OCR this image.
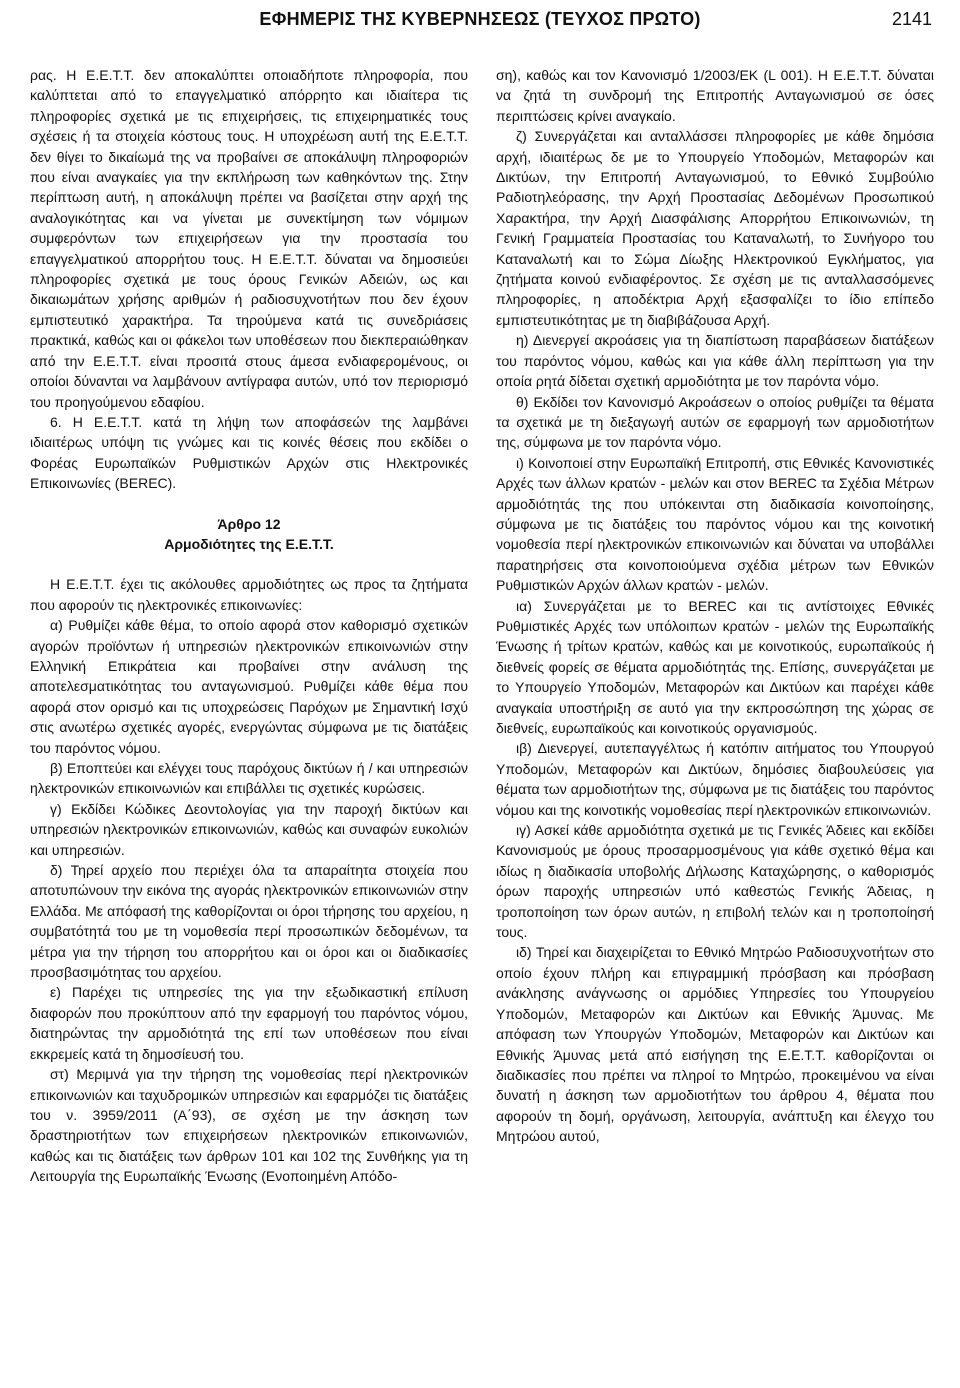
ΕΦΗΜΕΡΙΣ ΤΗΣ ΚΥΒΕΡΝΗΣΕΩΣ (ΤΕΥΧΟΣ ΠΡΩΤΟ)	2141

ρας. Η Ε.Ε.Τ.Τ. δεν αποκαλύπτει οποιαδήποτε πληροφορία, που καλύπτεται από το επαγγελματικό απόρρητο και ιδιαίτερα τις πληροφορίες σχετικά με τις επιχειρήσεις, τις επιχειρηματικές τους σχέσεις ή τα στοιχεία κόστους τους. Η υποχρέωση αυτή της Ε.Ε.Τ.Τ. δεν θίγει το δικαίωμά της να προβαίνει σε αποκάλυψη πληροφοριών που είναι αναγκαίες για την εκπλήρωση των καθηκόντων της. Στην περίπτωση αυτή, η αποκάλυψη πρέπει να βασίζεται στην αρχή της αναλογικότητας και να γίνεται με συνεκτίμηση των νόμιμων συμφερόντων των επιχειρήσεων για την προστασία του επαγγελματικού απορρήτου τους. Η Ε.Ε.Τ.Τ. δύναται να δημοσιεύει πληροφορίες σχετικά με τους όρους Γενικών Αδειών, ως και δικαιωμάτων χρήσης αριθμών ή ραδιοσυχνοτήτων που δεν έχουν εμπιστευτικό χαρακτήρα. Τα τηρούμενα κατά τις συνεδριάσεις πρακτικά, καθώς και οι φάκελοι των υποθέσεων που διεκπεραιώθηκαν από την Ε.Ε.Τ.Τ. είναι προσιτά στους άμεσα ενδιαφερομένους, οι οποίοι δύνανται να λαμβάνουν αντίγραφα αυτών, υπό τον περιορισμό του προηγούμενου εδαφίου.

6. Η Ε.Ε.Τ.Τ. κατά τη λήψη των αποφάσεών της λαμβάνει ιδιαιτέρως υπόψη τις γνώμες και τις κοινές θέσεις που εκδίδει ο Φορέας Ευρωπαϊκών Ρυθμιστικών Αρχών στις Ηλεκτρονικές Επικοινωνίες (BEREC).

Άρθρο 12
Αρμοδιότητες της Ε.Ε.Τ.Τ.

Η Ε.Ε.Τ.Τ. έχει τις ακόλουθες αρμοδιότητες ως προς τα ζητήματα που αφορούν τις ηλεκτρονικές επικοινωνίες:

α) Ρυθμίζει κάθε θέμα, το οποίο αφορά στον καθορισμό σχετικών αγορών προϊόντων ή υπηρεσιών ηλεκτρονικών επικοινωνιών στην Ελληνική Επικράτεια και προβαίνει στην ανάλυση της αποτελεσματικότητας του ανταγωνισμού. Ρυθμίζει κάθε θέμα που αφορά στον ορισμό και τις υποχρεώσεις Παρόχων με Σημαντική Ισχύ στις ανωτέρω σχετικές αγορές, ενεργώντας σύμφωνα με τις διατάξεις του παρόντος νόμου.

β) Εποπτεύει και ελέγχει τους παρόχους δικτύων ή / και υπηρεσιών ηλεκτρονικών επικοινωνιών και επιβάλλει τις σχετικές κυρώσεις.

γ) Εκδίδει Κώδικες Δεοντολογίας για την παροχή δικτύων και υπηρεσιών ηλεκτρονικών επικοινωνιών, καθώς και συναφών ευκολιών και υπηρεσιών.

δ) Τηρεί αρχείο που περιέχει όλα τα απαραίτητα στοιχεία που αποτυπώνουν την εικόνα της αγοράς ηλεκτρονικών επικοινωνιών στην Ελλάδα. Με απόφασή της καθορίζονται οι όροι τήρησης του αρχείου, η συμβατότητά του με τη νομοθεσία περί προσωπικών δεδομένων, τα μέτρα για την τήρηση του απορρήτου και οι όροι και οι διαδικασίες προσβασιμότητας του αρχείου.

ε) Παρέχει τις υπηρεσίες της για την εξωδικαστική επίλυση διαφορών που προκύπτουν από την εφαρμογή του παρόντος νόμου, διατηρώντας την αρμοδιότητά της επί των υποθέσεων που είναι εκκρεμείς κατά τη δημοσίευσή του.

στ) Μεριμνά για την τήρηση της νομοθεσίας περί ηλεκτρονικών επικοινωνιών και ταχυδρομικών υπηρεσιών και εφαρμόζει τις διατάξεις του ν. 3959/2011 (Α΄93), σε σχέση με την άσκηση των δραστηριοτήτων των επιχειρήσεων ηλεκτρονικών επικοινωνιών, καθώς και τις διατάξεις των άρθρων 101 και 102 της Συνθήκης για τη Λειτουργία της Ευρωπαϊκής Ένωσης (Ενοποιημένη Απόδο-

ση), καθώς και τον Κανονισμό 1/2003/ΕΚ (L 001). Η Ε.Ε.Τ.Τ. δύναται να ζητά τη συνδρομή της Επιτροπής Ανταγωνισμού σε όσες περιπτώσεις κρίνει αναγκαίο.

ζ) Συνεργάζεται και ανταλλάσσει πληροφορίες με κάθε δημόσια αρχή, ιδιαιτέρως δε με το Υπουργείο Υποδομών, Μεταφορών και Δικτύων, την Επιτροπή Ανταγωνισμού, το Εθνικό Συμβούλιο Ραδιοτηλεόρασης, την Αρχή Προστασίας Δεδομένων Προσωπικού Χαρακτήρα, την Αρχή Διασφάλισης Απορρήτου Επικοινωνιών, τη Γενική Γραμματεία Προστασίας του Καταναλωτή, το Συνήγορο του Καταναλωτή και το Σώμα Δίωξης Ηλεκτρονικού Εγκλήματος, για ζητήματα κοινού ενδιαφέροντος. Σε σχέση με τις ανταλλασσόμενες πληροφορίες, η αποδέκτρια Αρχή εξασφαλίζει το ίδιο επίπεδο εμπιστευτικότητας με τη διαβιβάζουσα Αρχή.

η) Διενεργεί ακροάσεις για τη διαπίστωση παραβάσεων διατάξεων του παρόντος νόμου, καθώς και για κάθε άλλη περίπτωση για την οποία ρητά δίδεται σχετική αρμοδιότητα με τον παρόντα νόμο.

θ) Εκδίδει τον Κανονισμό Ακροάσεων ο οποίος ρυθμίζει τα θέματα τα σχετικά με τη διεξαγωγή αυτών σε εφαρμογή των αρμοδιοτήτων της, σύμφωνα με τον παρόντα νόμο.

ι) Κοινοποιεί στην Ευρωπαϊκή Επιτροπή, στις Εθνικές Κανονιστικές Αρχές των άλλων κρατών - μελών και στον BEREC τα Σχέδια Μέτρων αρμοδιότητάς της που υπόκεινται στη διαδικασία κοινοποίησης, σύμφωνα με τις διατάξεις του παρόντος νόμου και της κοινοτική νομοθεσία περί ηλεκτρονικών επικοινωνιών και δύναται να υποβάλλει παρατηρήσεις στα κοινοποιούμενα σχέδια μέτρων των Εθνικών Ρυθμιστικών Αρχών άλλων κρατών - μελών.

ια) Συνεργάζεται με το BEREC και τις αντίστοιχες Εθνικές Ρυθμιστικές Αρχές των υπόλοιπων κρατών - μελών της Ευρωπαϊκής Ένωσης ή τρίτων κρατών, καθώς και με κοινοτικούς, ευρωπαϊκούς ή διεθνείς φορείς σε θέματα αρμοδιότητάς της. Επίσης, συνεργάζεται με το Υπουργείο Υποδομών, Μεταφορών και Δικτύων και παρέχει κάθε αναγκαία υποστήριξη σε αυτό για την εκπροσώπηση της χώρας σε διεθνείς, ευρωπαϊκούς και κοινοτικούς οργανισμούς.

ιβ) Διενεργεί, αυτεπαγγέλτως ή κατόπιν αιτήματος του Υπουργού Υποδομών, Μεταφορών και Δικτύων, δημόσιες διαβουλεύσεις για θέματα των αρμοδιοτήτων της, σύμφωνα με τις διατάξεις του παρόντος νόμου και της κοινοτικής νομοθεσίας περί ηλεκτρονικών επικοινωνιών.

ιγ) Ασκεί κάθε αρμοδιότητα σχετικά με τις Γενικές Άδειες και εκδίδει Κανονισμούς με όρους προσαρμοσμένους για κάθε σχετικό θέμα και ιδίως η διαδικασία υποβολής Δήλωσης Καταχώρησης, ο καθορισμός όρων παροχής υπηρεσιών υπό καθεστώς Γενικής Άδειας, η τροποποίηση των όρων αυτών, η επιβολή τελών και η τροποποίησή τους.

ιδ) Τηρεί και διαχειρίζεται το Εθνικό Μητρώο Ραδιοσυχνοτήτων στο οποίο έχουν πλήρη και επιγραμμική πρόσβαση και πρόσβαση ανάκλησης ανάγνωσης οι αρμόδιες Υπηρεσίες του Υπουργείου Υποδομών, Μεταφορών και Δικτύων και Εθνικής Άμυνας. Με απόφαση των Υπουργών Υποδομών, Μεταφορών και Δικτύων και Εθνικής Άμυνας μετά από εισήγηση της Ε.Ε.Τ.Τ. καθορίζονται οι διαδικασίες που πρέπει να πληροί το Μητρώο, προκειμένου να είναι δυνατή η άσκηση των αρμοδιοτήτων του άρθρου 4, θέματα που αφορούν τη δομή, οργάνωση, λειτουργία, ανάπτυξη και έλεγχο του Μητρώου αυτού,
